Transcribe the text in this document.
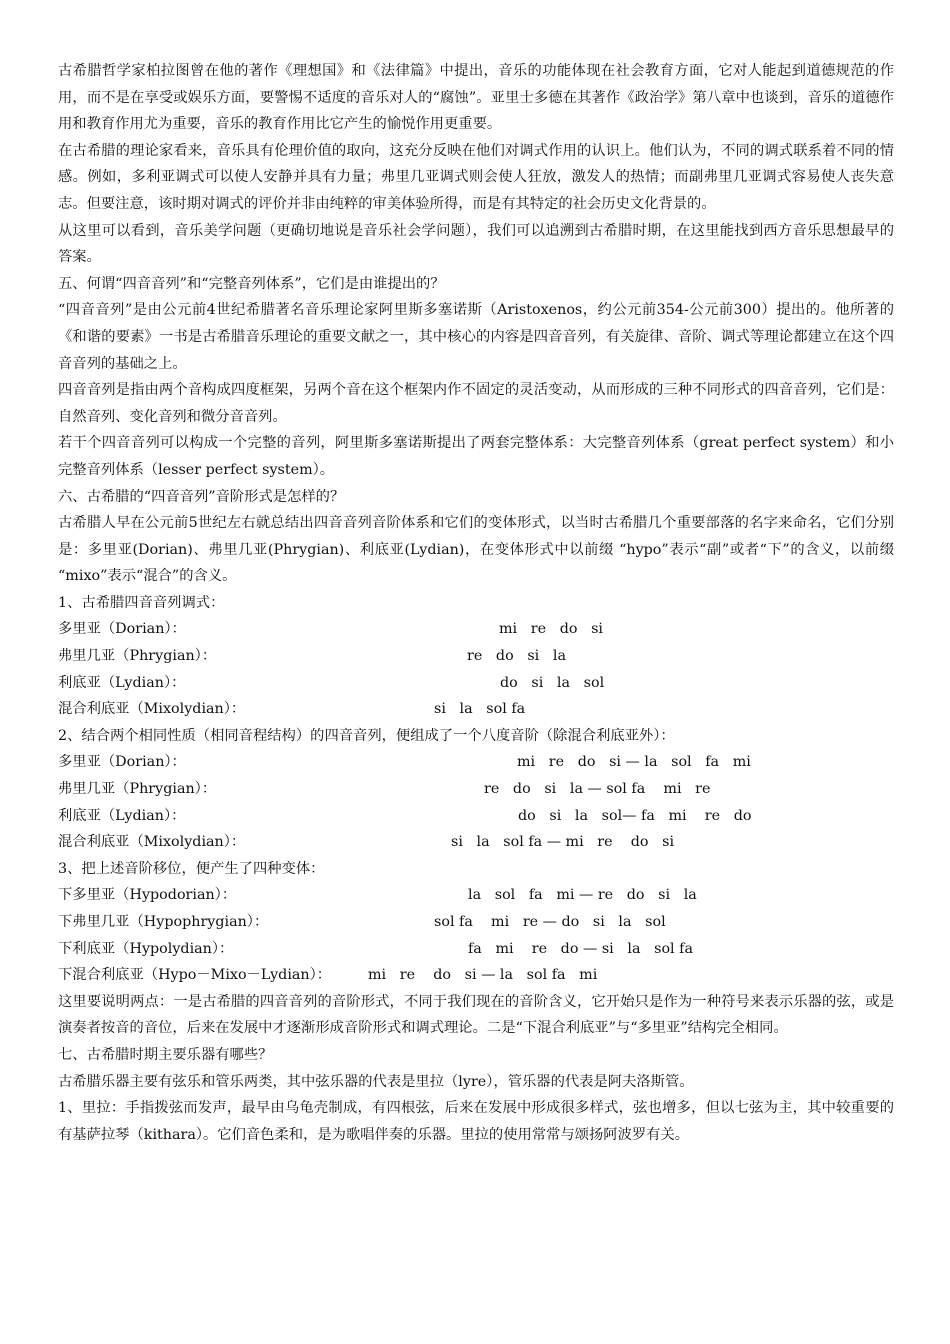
古希腊哲学家柏拉图曾在他的著作《理想国》和《法律篇》中提出，音乐的功能体现在社会教育方面，它对人能起到道德规范的作用，而不是在享受或娱乐方面，要警惕不适度的音乐对人的“腐蚀”。亚里士多德在其著作《政治学》第八章中也谈到，音乐的道德作用和教育作用尤为重要，音乐的教育作用比它产生的愉悦作用更重要。

在古希腊的理论家看来，音乐具有伦理价值的取向，这充分反映在他们对调式作用的认识上。他们认为，不同的调式联系着不同的情感。例如，多利亚调式可以使人安静并具有力量；弗里几亚调式则会使人狂放，激发人的热情；而副弗里几亚调式容易使人丧失意志。但要注意，该时期对调式的评价并非由纯粹的审美体验所得，而是有其特定的社会历史文化背景的。

从这里可以看到，音乐美学问题（更确切地说是音乐社会学问题），我们可以追溯到古希腊时期，在这里能找到西方音乐思想最早的答案。

五、何谓“四音音列”和“完整音列体系”，它们是由谁提出的？

“四音音列”是由公元前4世纪希腊著名音乐理论家阿里斯多塞诺斯（Aristoxenos，约公元前354-公元前300）提出的。他所著的《和谐的要素》一书是古希腊音乐理论的重要文献之一，其中核心的内容是四音音列，有关旋律、音阶、调式等理论都建立在这个四音音列的基础之上。

四音音列是指由两个音构成四度框架，另两个音在这个框架内作不固定的灵活变动，从而形成的三种不同形式的四音音列，它们是：自然音列、变化音列和微分音音列。

若干个四音音列可以构成一个完整的音列，阿里斯多塞诺斯提出了两套完整体系：大完整音列体系（great perfect system）和小完整音列体系（lesser perfect system）。

六、古希腊的“四音音列”音阶形式是怎样的？

古希腊人早在公元前5世纪左右就总结出四音音列音阶体系和它们的变体形式，以当时古希腊几个重要部落的名字来命名，它们分别是：多里亚(Dorian)、弗里几亚(Phrygian)、利底亚(Lydian)，在变体形式中以前缀 “hypo”表示“副”或者“下”的含义，以前缀 “mixo”表示“混合”的含义。

1、古希腊四音音列调式：

多里亚（Dorian）：	mi   re   do   si
弗里几亚（Phrygian）：	re   do   si   la
利底亚（Lydian）：	do   si   la   sol
混合利底亚（Mixolydian）：	si   la   sol fa

2、结合两个相同性质（相同音程结构）的四音音列，便组成了一个八度音阶（除混合利底亚外）：

多里亚（Dorian）：	mi   re   do   si — la   sol   fa   mi
弗里几亚（Phrygian）：	re   do   si   la — sol fa    mi   re
利底亚（Lydian）：	do   si   la   sol— fa   mi    re   do
混合利底亚（Mixolydian）：	si   la   sol fa — mi   re    do   si

3、把上述音阶移位，便产生了四种变体：

下多里亚（Hypodorian）：	la   sol   fa   mi — re   do   si   la
下弗里几亚（Hypophrygian）：	sol fa    mi   re — do   si   la   sol
下利底亚（Hypolydian）：	fa   mi    re   do — si   la   sol fa
下混合利底亚（Hypo－Mixo－Lydian）：	mi   re    do   si — la   sol fa   mi

这里要说明两点：一是古希腊的四音音列的音阶形式，不同于我们现在的音阶含义，它开始只是作为一种符号来表示乐器的弦，或是演奏者按音的音位，后来在发展中才逐渐形成音阶形式和调式理论。二是“下混合利底亚”与“多里亚”结构完全相同。

七、古希腊时期主要乐器有哪些？

古希腊乐器主要有弦乐和管乐两类，其中弦乐器的代表是里拉（lyre），管乐器的代表是阿夫洛斯管。

1、里拉：手指拨弦而发声，最早由乌龟壳制成，有四根弦，后来在发展中形成很多样式，弦也增多，但以七弦为主，其中较重要的有基萨拉琴（kithara）。它们音色柔和，是为歌唱伴奏的乐器。里拉的使用常常与颂扬阿波罗有关。
